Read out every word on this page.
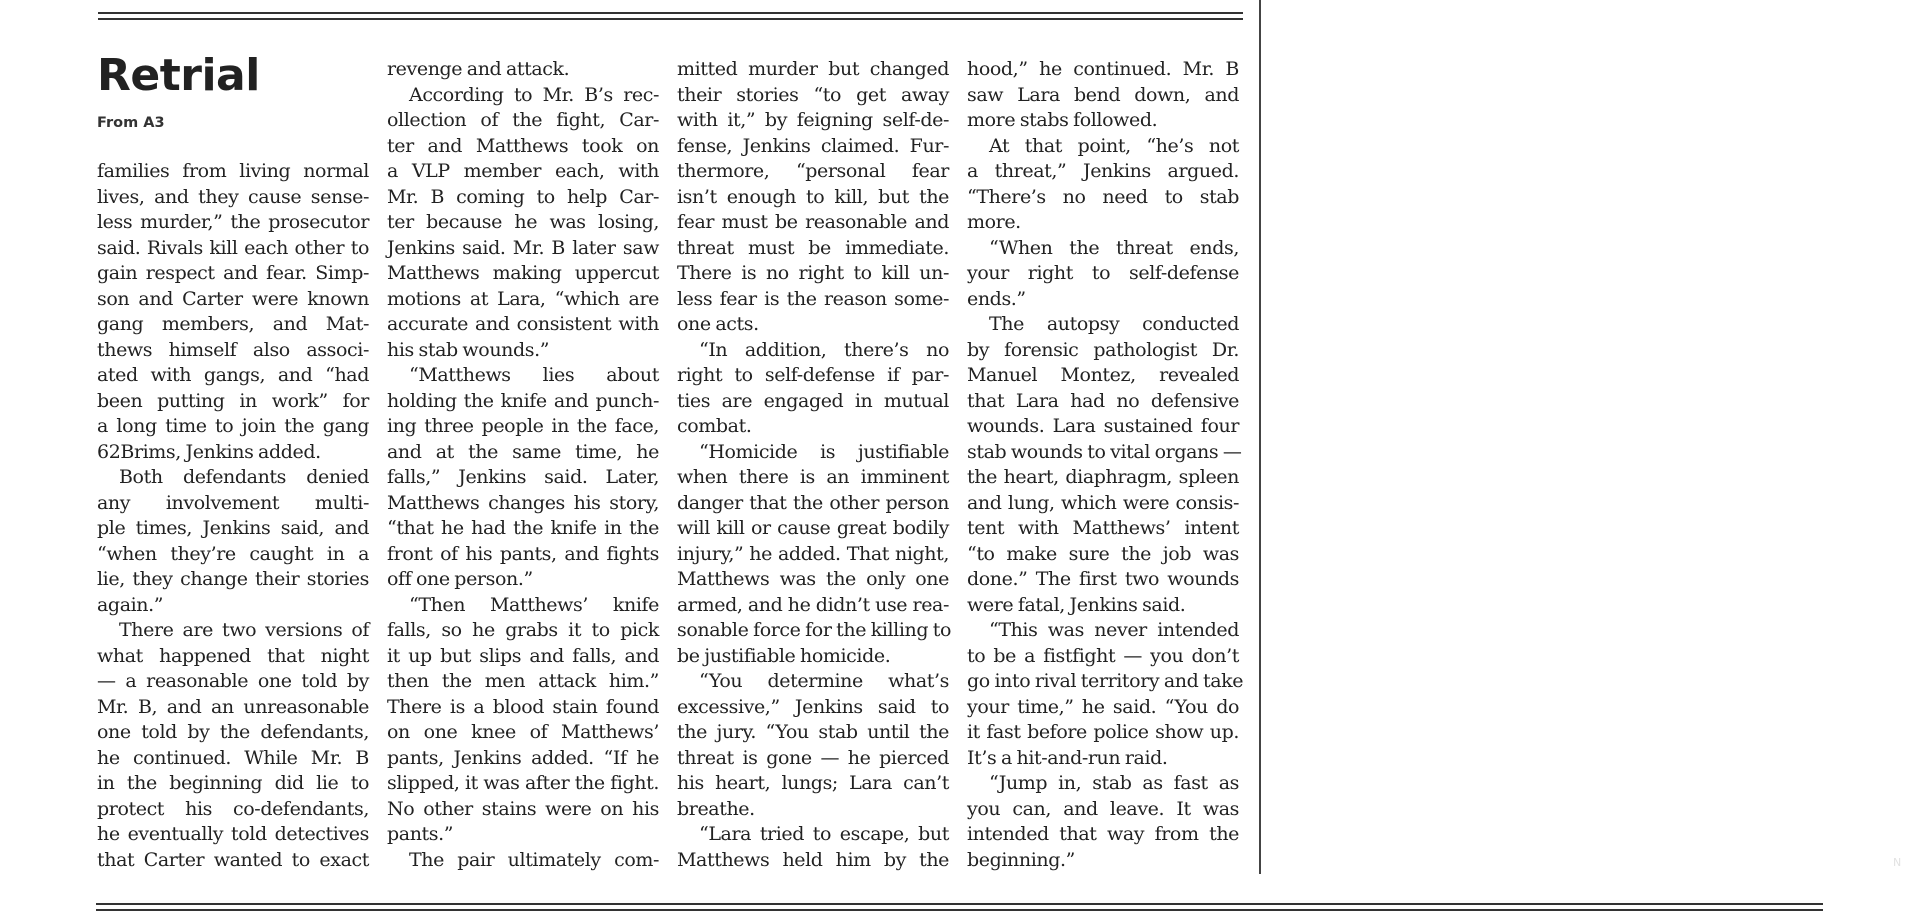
Retrial
From A3
families from living normal
lives, and they cause sense-
less murder,” the prosecutor
said. Rivals kill each other to
gain respect and fear. Simp-
son and Carter were known
gang members, and Mat-
thews himself also associ-
ated with gangs, and “had
been putting in work” for
a long time to join the gang
62Brims, Jenkins added.
Both defendants denied
any involvement multi-
ple times, Jenkins said, and
“when they’re caught in a
lie, they change their stories
again.”
There are two versions of
what happened that night
— a reasonable one told by
Mr. B, and an unreasonable
one told by the defendants,
he continued. While Mr. B
in the beginning did lie to
protect his co-defendants,
he eventually told detectives
that Carter wanted to exact
revenge and attack.
According to Mr. B’s rec-
ollection of the fight, Car-
ter and Matthews took on
a VLP member each, with
Mr. B coming to help Car-
ter because he was losing,
Jenkins said. Mr. B later saw
Matthews making uppercut
motions at Lara, “which are
accurate and consistent with
his stab wounds.”
“Matthews lies about
holding the knife and punch-
ing three people in the face,
and at the same time, he
falls,” Jenkins said. Later,
Matthews changes his story,
“that he had the knife in the
front of his pants, and fights
off one person.”
“Then Matthews’ knife
falls, so he grabs it to pick
it up but slips and falls, and
then the men attack him.”
There is a blood stain found
on one knee of Matthews’
pants, Jenkins added. “If he
slipped, it was after the fight.
No other stains were on his
pants.”
The pair ultimately com-
mitted murder but changed
their stories “to get away
with it,” by feigning self-de-
fense, Jenkins claimed. Fur-
thermore, “personal fear
isn’t enough to kill, but the
fear must be reasonable and
threat must be immediate.
There is no right to kill un-
less fear is the reason some-
one acts.
“In addition, there’s no
right to self-defense if par-
ties are engaged in mutual
combat.
“Homicide is justifiable
when there is an imminent
danger that the other person
will kill or cause great bodily
injury,” he added. That night,
Matthews was the only one
armed, and he didn’t use rea-
sonable force for the killing to
be justifiable homicide.
“You determine what’s
excessive,” Jenkins said to
the jury. “You stab until the
threat is gone — he pierced
his heart, lungs; Lara can’t
breathe.
“Lara tried to escape, but
Matthews held him by the
hood,” he continued. Mr. B
saw Lara bend down, and
more stabs followed.
At that point, “he’s not
a threat,” Jenkins argued.
“There’s no need to stab
more.
“When the threat ends,
your right to self-defense
ends.”
The autopsy conducted
by forensic pathologist Dr.
Manuel Montez, revealed
that Lara had no defensive
wounds. Lara sustained four
stab wounds to vital organs —
the heart, diaphragm, spleen
and lung, which were consis-
tent with Matthews’ intent
“to make sure the job was
done.” The first two wounds
were fatal, Jenkins said.
“This was never intended
to be a fistfight — you don’t
go into rival territory and take
your time,” he said. “You do
it fast before police show up.
It’s a hit-and-run raid.
“Jump in, stab as fast as
you can, and leave. It was
intended that way from the
beginning.”	N
